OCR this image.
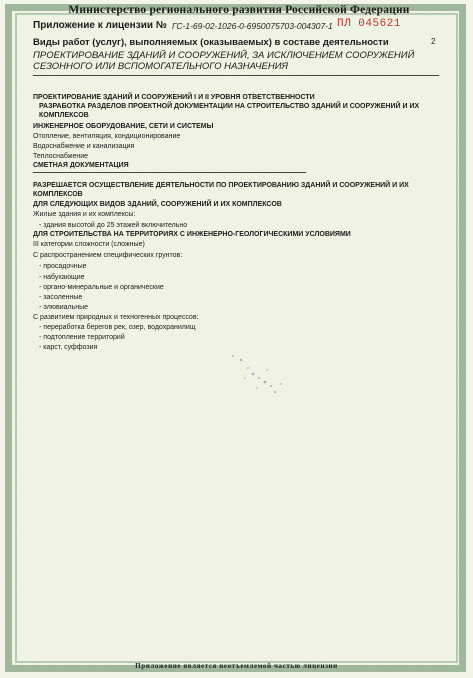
Министерство регионального развития Российской Федерации
Приложение к лицензии № ГС-1-69-02-1026-0-6950075703-004307-1 ПЛ 045621
Виды работ (услуг), выполняемых (оказываемых) в составе деятельности	2
ПРОЕКТИРОВАНИЕ ЗДАНИЙ И СООРУЖЕНИЙ, ЗА ИСКЛЮЧЕНИЕМ СООРУЖЕНИЙ СЕЗОННОГО ИЛИ ВСПОМОГАТЕЛЬНОГО НАЗНАЧЕНИЯ
ПРОЕКТИРОВАНИЕ ЗДАНИЙ И СООРУЖЕНИЙ I И II УРОВНЯ ОТВЕТСТВЕННОСТИ
РАЗРАБОТКА РАЗДЕЛОВ ПРОЕКТНОЙ ДОКУМЕНТАЦИИ НА СТРОИТЕЛЬСТВО ЗДАНИЙ И СООРУЖЕНИЙ И ИХ КОМПЛЕКСОВ
ИНЖЕНЕРНОЕ ОБОРУДОВАНИЕ, СЕТИ И СИСТЕМЫ
Отопление, вентиляция, кондиционирование
Водоснабжение и канализация
Теплоснабжение
СМЕТНАЯ ДОКУМЕНТАЦИЯ
РАЗРЕШАЕТСЯ ОСУЩЕСТВЛЕНИЕ ДЕЯТЕЛЬНОСТИ ПО ПРОЕКТИРОВАНИЮ ЗДАНИЙ И СООРУЖЕНИЙ И ИХ КОМПЛЕКСОВ
ДЛЯ СЛЕДУЮЩИХ ВИДОВ ЗДАНИЙ, СООРУЖЕНИЙ И ИХ КОМПЛЕКСОВ
Жилые здания и их комплексы:
- здания высотой до 25 этажей включительно
ДЛЯ СТРОИТЕЛЬСТВА НА ТЕРРИТОРИЯХ С ИНЖЕНЕРНО-ГЕОЛОГИЧЕСКИМИ УСЛОВИЯМИ
III категории сложности (сложные)
С распространением специфических грунтов:
- просадочные
- набухающие
- органо-минеральные и органические
- засоленные
- элювиальные
С развитием природных и техногенных процессов:
- переработка берегов рек, озер, водохранилищ
- подтопление территорий
- карст, суффозия
Приложение является неотъемлемой частью лицензии
